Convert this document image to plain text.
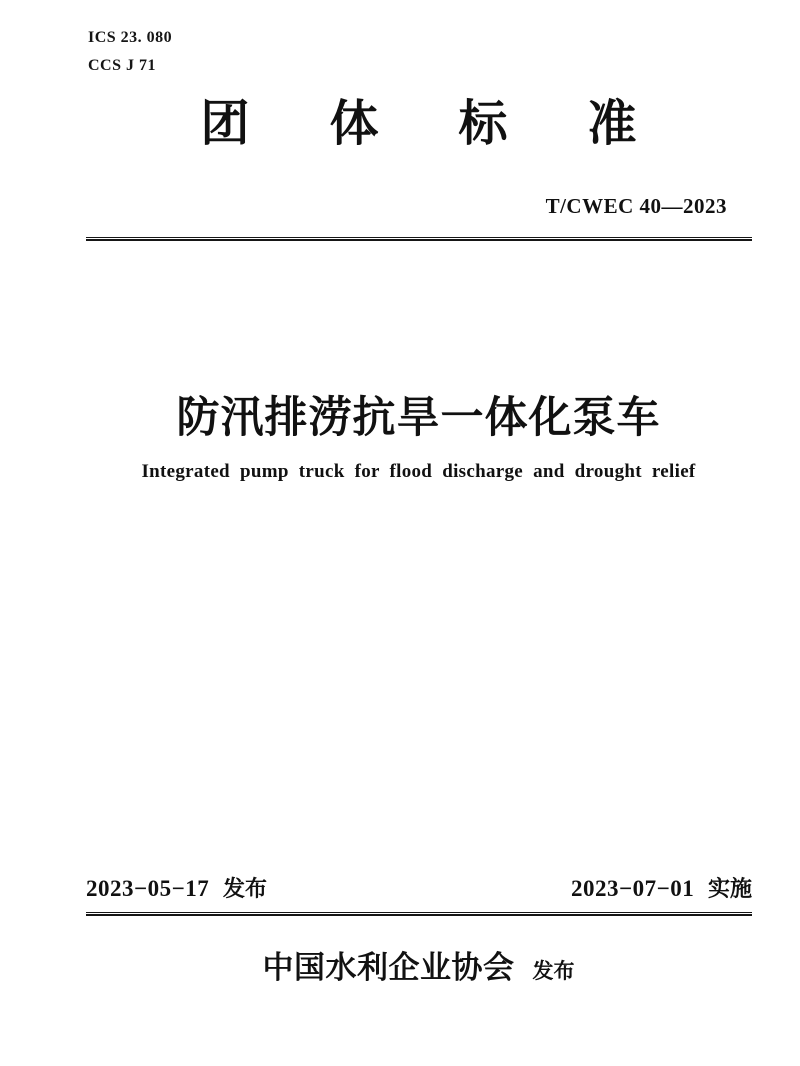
ICS 23. 080
CCS J 71
团 体 标 准
T/CWEC 40—2023
防汛排涝抗旱一体化泵车
Integrated pump truck for flood discharge and drought relief
2023−05−17 发布	2023−07−01 实施
中国水利企业协会 发布
